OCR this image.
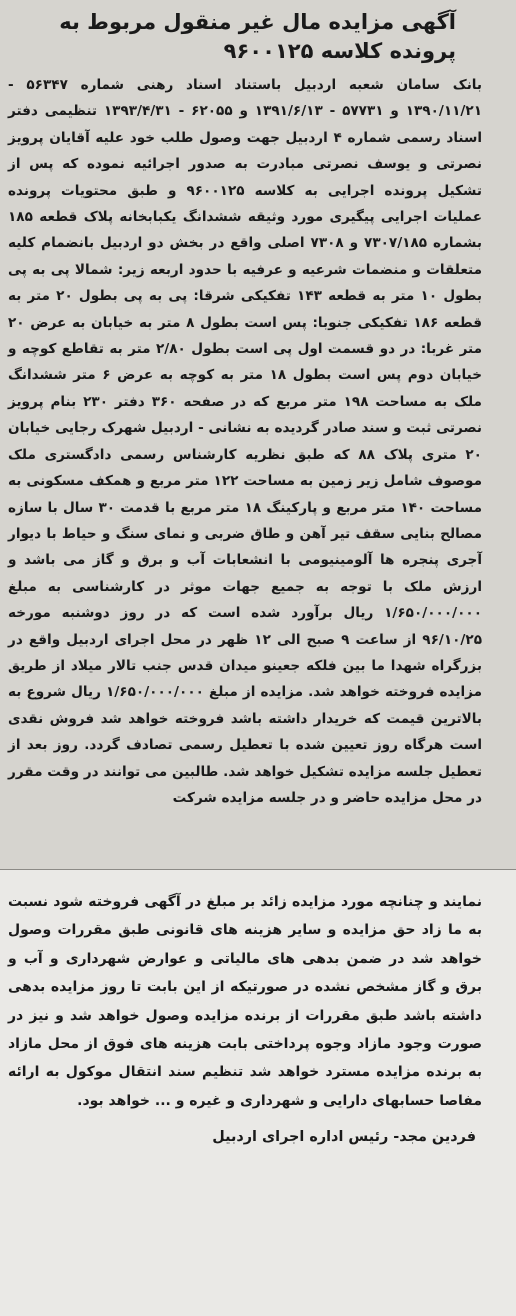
آگهی مزایده مال غیر منقول مربوط به
پرونده کلاسه ۹۶۰۰۱۲۵

بانک سامان شعبه اردبیل باستناد اسناد رهنی شماره ۵۶۳۴۷ - ۱۳۹۰/۱۱/۲۱ و ۵۷۷۳۱ - ۱۳۹۱/۶/۱۳ و ۶۲۰۵۵ - ۱۳۹۳/۴/۳۱ تنظیمی دفتر اسناد رسمی شماره ۴ اردبیل جهت وصول طلب خود علیه آقایان پرویز نصرتی و یوسف نصرتی مبادرت به صدور اجرائیه نموده که پس از تشکیل پرونده اجرایی به کلاسه ۹۶۰۰۱۲۵ و طبق محتویات پرونده عملیات اجرایی پیگیری مورد وثیقه ششدانگ یکبابخانه پلاک قطعه ۱۸۵ بشماره ۷۳۰۷/۱۸۵ و ۷۳۰۸ اصلی واقع در بخش دو اردبیل بانضمام کلیه متعلقات و منضمات شرعیه و عرفیه با حدود اربعه زیر: شمالا پی به پی بطول ۱۰ متر به قطعه ۱۴۳ تفکیکی شرقا: پی به پی بطول ۲۰ متر به قطعه ۱۸۶ تفکیکی جنوبا: پس است بطول ۸ متر به خیابان به عرض ۲۰ متر غربا: در دو قسمت اول پی است بطول ۲/۸۰ متر به تقاطع کوچه و خیابان دوم پس است بطول ۱۸ متر به کوچه به عرض ۶ متر ششدانگ ملک به مساحت ۱۹۸ متر مربع که در صفحه ۳۶۰ دفتر ۲۳۰ بنام پرویز نصرتی ثبت و سند صادر گردیده به نشانی - اردبیل شهرک رجایی خیابان ۲۰ متری پلاک ۸۸ که طبق نظریه کارشناس رسمی دادگستری ملک موصوف شامل زیر زمین به مساحت ۱۲۲ متر مربع و همکف مسکونی به مساحت ۱۴۰ متر مربع و پارکینگ ۱۸ متر مربع با قدمت ۳۰ سال با سازه مصالح بنایی سقف تیر آهن و طاق ضربی و نمای سنگ و حیاط با دیوار آجری پنجره ها آلومینیومی با انشعابات آب و برق و گاز می باشد و ارزش ملک با توجه به جمیع جهات موثر در کارشناسی به مبلغ ۱/۶۵۰/۰۰۰/۰۰۰ ریال برآورد شده است که در روز دوشنبه مورخه ۹۶/۱۰/۲۵ از ساعت ۹ صبح الی ۱۲ ظهر در محل اجرای اردبیل واقع در بزرگراه شهدا ما بین فلکه جعینو میدان قدس جنب تالار میلاد از طریق مزایده فروخته خواهد شد. مزایده از مبلغ ۱/۶۵۰/۰۰۰/۰۰۰ ریال شروع به بالاترین قیمت که خریدار داشته باشد فروخته خواهد شد فروش نقدی است هرگاه روز تعیین شده با تعطیل رسمی تصادف گردد. روز بعد از تعطیل جلسه مزایده تشکیل خواهد شد. طالبین می توانند در وقت مقرر در محل مزایده حاضر و در جلسه مزایده شرکت

نمایند و چنانچه مورد مزایده زائد بر مبلغ در آگهی فروخته شود نسبت به ما زاد حق مزایده و سایر هزینه های قانونی طبق مقررات وصول خواهد شد در ضمن بدهی های مالیاتی و عوارض شهرداری و آب و برق و گاز مشخص نشده در صورتیکه از این بابت تا روز مزایده بدهی داشته باشد طبق مقررات از برنده مزایده وصول خواهد شد و نیز در صورت وجود مازاد وجوه پرداختی بابت هزینه های فوق از محل مازاد به برنده مزایده مسترد خواهد شد تنظیم سند انتقال موکول به ارائه مفاصا حسابهای دارایی و شهرداری و غیره و ... خواهد بود.

فردین مجد- رئیس اداره اجرای اردبیل
